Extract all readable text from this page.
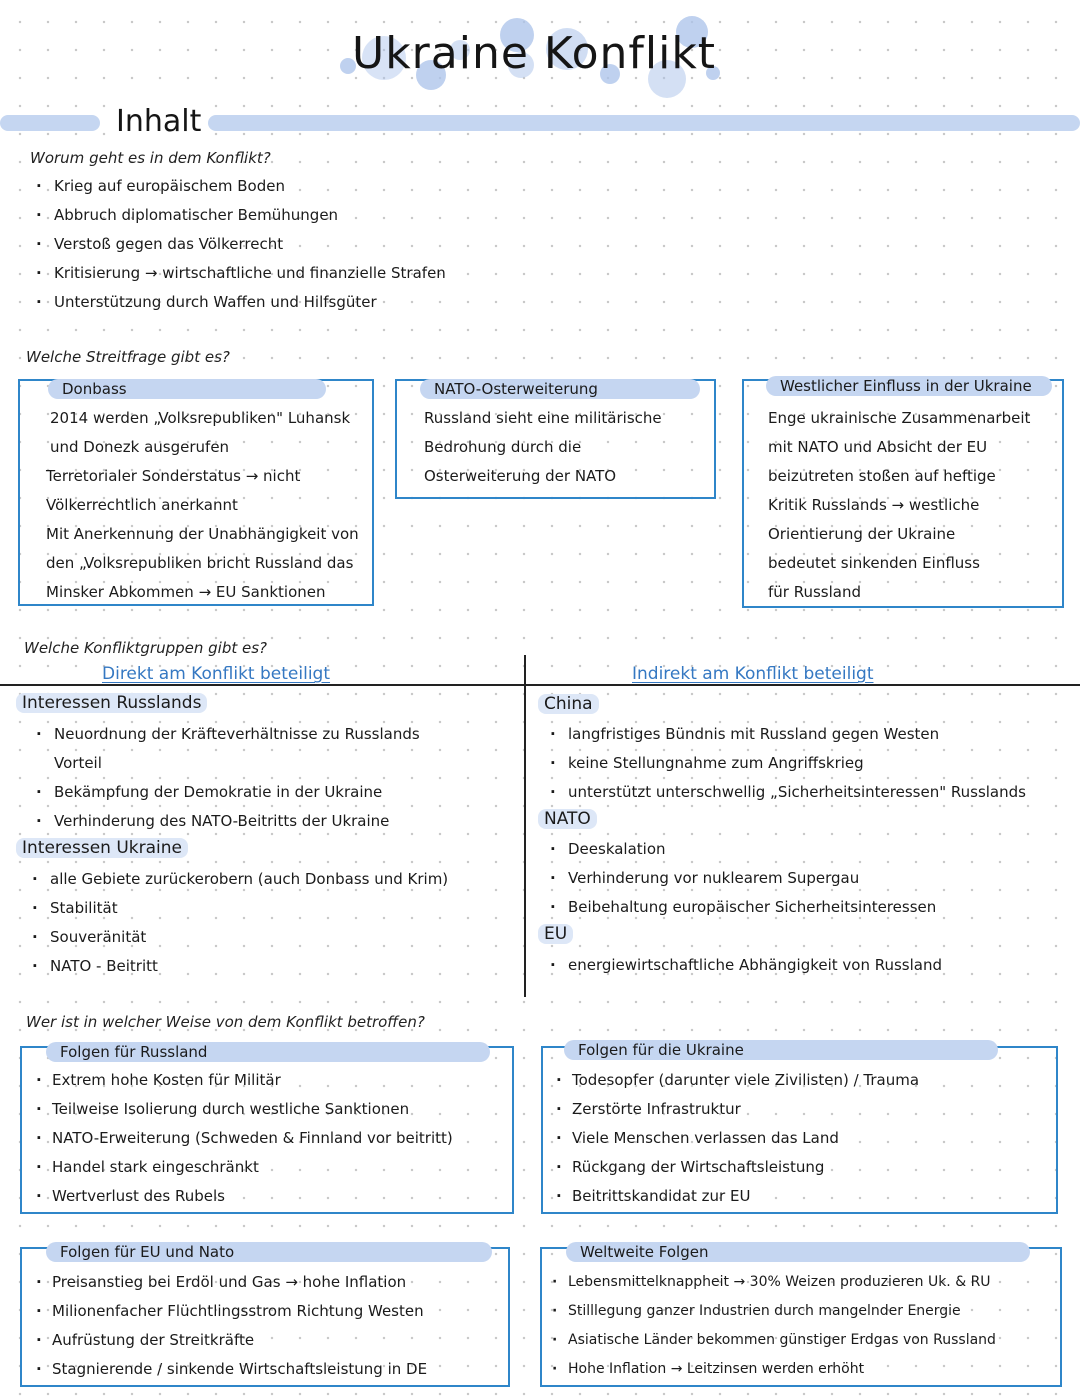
Ukraine Konflikt
Inhalt
Worum geht es in dem Konflikt?
· Krieg auf europäischem Boden
· Abbruch diplomatischer Bemühungen
· Verstoß gegen das Völkerrecht
· Kritisierung → wirtschaftliche und finanzielle Strafen
· Unterstützung durch Waffen und Hilfsgüter
Welche Streitfrage gibt es?
Donbass

2014 werden „Volksrepubliken" Luhansk

und Donezk ausgerufen

Terretorialer Sonderstatus → nicht

Völkerrechtlich anerkannt

Mit Anerkennung der Unabhängigkeit von

den „Volksrepubliken bricht Russland das

Minsker Abkommen → EU Sanktionen

NATO-Osterweiterung

Russland sieht eine militärische

Bedrohung durch die

Osterweiterung der NATO

Westlicher Einfluss in der Ukraine

Enge ukrainische Zusammenarbeit

mit NATO und Absicht der EU

beizutreten stoßen auf heftige

Kritik Russlands → westliche

Orientierung der Ukraine

bedeutet sinkenden Einfluss

für Russland

Welche Konfliktgruppen gibt es?
Direkt am Konflikt beteiligt	Indirekt am Konflikt beteiligt
Interessen Russlands
· Neuordnung der Kräfteverhältnisse zu Russlands
Vorteil
· Bekämpfung der Demokratie in der Ukraine
· Verhinderung des NATO-Beitritts der Ukraine
Interessen Ukraine
· alle Gebiete zurückerobern (auch Donbass und Krim)
· Stabilität
· Souveränität
· NATO - Beitritt
China
· langfristiges Bündnis mit Russland gegen Westen
· keine Stellungnahme zum Angriffskrieg
· unterstützt unterschwellig „Sicherheitsinteressen" Russlands
NATO
· Deeskalation
· Verhinderung vor nuklearem Supergau
· Beibehaltung europäischer Sicherheitsinteressen
EU
· energiewirtschaftliche Abhängigkeit von Russland
Wer ist in welcher Weise von dem Konflikt betroffen?
Folgen für Russland
· Extrem hohe Kosten für Militär
· Teilweise Isolierung durch westliche Sanktionen
· NATO-Erweiterung (Schweden & Finnland vor beitritt)
· Handel stark eingeschränkt
· Wertverlust des Rubels
Folgen für die Ukraine
· Todesopfer (darunter viele Zivilisten) / Trauma
· Zerstörte Infrastruktur
· Viele Menschen verlassen das Land
· Rückgang der Wirtschaftsleistung
· Beitrittskandidat zur EU
Folgen für EU und Nato
· Preisanstieg bei Erdöl und Gas → hohe Inflation
· Milionenfacher Flüchtlingsstrom Richtung Westen
· Aufrüstung der Streitkräfte
· Stagnierende / sinkende Wirtschaftsleistung in DE
Weltweite Folgen
· Lebensmittelknappheit → 30% Weizen produzieren Uk. & RU
· Stilllegung ganzer Industrien durch mangelnder Energie
· Asiatische Länder bekommen günstiger Erdgas von Russland
· Hohe Inflation → Leitzinsen werden erhöht
